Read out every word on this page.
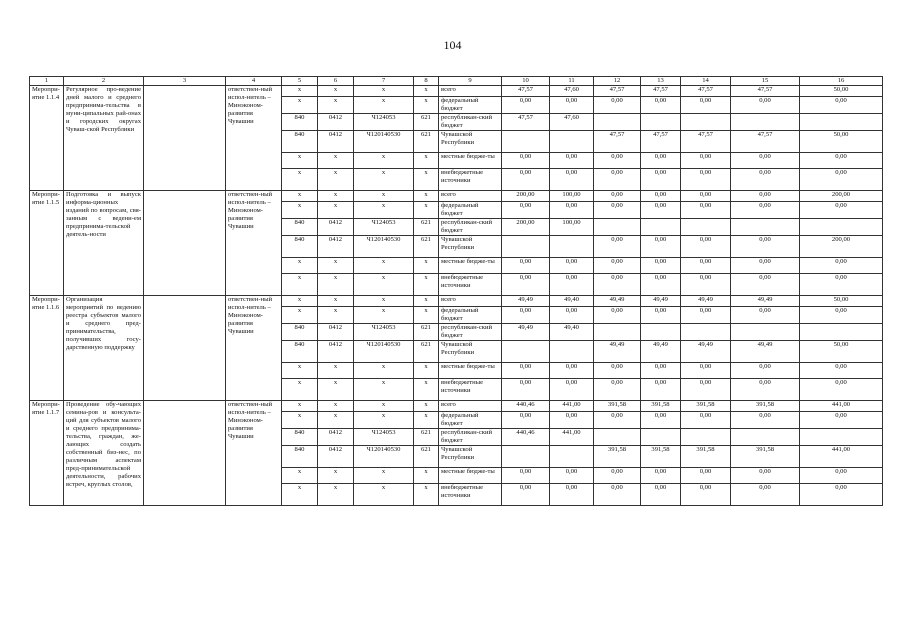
104
1	2	3	4	5	6	7	8	9	10	11	12	13	14	15	16
Меропри-ятие 1.1.4	Регулярное про-ведение дней малого и среднего предпринима-тельства в муни-ципальных рай-онах и городских округах Чуваш-ской Республики		ответствен-ный испол-нитель – Минэконом-развития Чувашии	x	x	x	x	всего	47,57	47,60	47,57	47,57	47,57	47,57	50,00
				x	x	x	x	федеральный бюджет	0,00	0,00	0,00	0,00	0,00	0,00	0,00
				840	0412	Ч124053	621	республикан-ский бюджет	47,57	47,60					
				840	0412	Ч120140530	621	Чувашской Республики			47,57	47,57	47,57	47,57	50,00
				x	x	x	x	местные бюдже-ты	0,00	0,00	0,00	0,00	0,00	0,00	0,00
				x	x	x	x	внебюджетные источники	0,00	0,00	0,00	0,00	0,00	0,00	0,00
Меропри-ятие 1.1.5	Подготовка и выпуск информа-ционных изданий по вопросам, свя-занным с ведени-ем предпринима-тельской деятель-ности		ответствен-ный испол-нитель – Минэконом-развития Чувашии	x	x	x	x	всего	200,00	100,00	0,00	0,00	0,00	0,00	200,00
				x	x	x	x	федеральный бюджет	0,00	0,00	0,00	0,00	0,00	0,00	0,00
				840	0412	Ч124053	621	республикан-ский бюджет	200,00	100,00					
				840	0412	Ч120140530	621	Чувашской Республики			0,00	0,00	0,00	0,00	200,00
				x	x	x	x	местные бюдже-ты	0,00	0,00	0,00	0,00	0,00	0,00	0,00
				x	x	x	x	внебюджетные источники	0,00	0,00	0,00	0,00	0,00	0,00	0,00
Меропри-ятие 1.1.6	Организация мероприятий по ведению реестра субъектов малого и среднего пред-принимательства, получивших госу-дарственную поддержку		ответствен-ный испол-нитель – Минэконом-развития Чувашии	x	x	x	x	всего	49,49	49,40	49,49	49,49	49,49	49,49	50,00
				x	x	x	x	федеральный бюджет	0,00	0,00	0,00	0,00	0,00	0,00	0,00
				840	0412	Ч124053	621	республикан-ский бюджет	49,49	49,40					
				840	0412	Ч120140530	621	Чувашской Республики			49,49	49,49	49,49	49,49	50,00
				x	x	x	x	местные бюдже-ты	0,00	0,00	0,00	0,00	0,00	0,00	0,00
				x	x	x	x	внебюджетные источники	0,00	0,00	0,00	0,00	0,00	0,00	0,00
Меропри-ятие 1.1.7	Проведение обу-чающих семина-ров и консульта-ций для субъектов малого и среднего предпринима-тельства, граждан, же-лающих создать собственный биз-нес, по различным аспектам пред-принимательской деятельности, рабочих встреч, круглых столов,		ответствен-ный испол-нитель – Минэконом-развития Чувашии	x	x	x	x	всего	440,46	441,00	391,58	391,58	391,58	391,58	441,00
				x	x	x	x	федеральный бюджет	0,00	0,00	0,00	0,00	0,00	0,00	0,00
				840	0412	Ч124053	621	республикан-ский бюджет	440,46	441,00					
				840	0412	Ч120140530	621	Чувашской Республики			391,58	391,58	391,58	391,58	441,00
				x	x	x	x	местные бюдже-ты	0,00	0,00	0,00	0,00	0,00	0,00	0,00
				x	x	x	x	внебюджетные источники	0,00	0,00	0,00	0,00	0,00	0,00	0,00
